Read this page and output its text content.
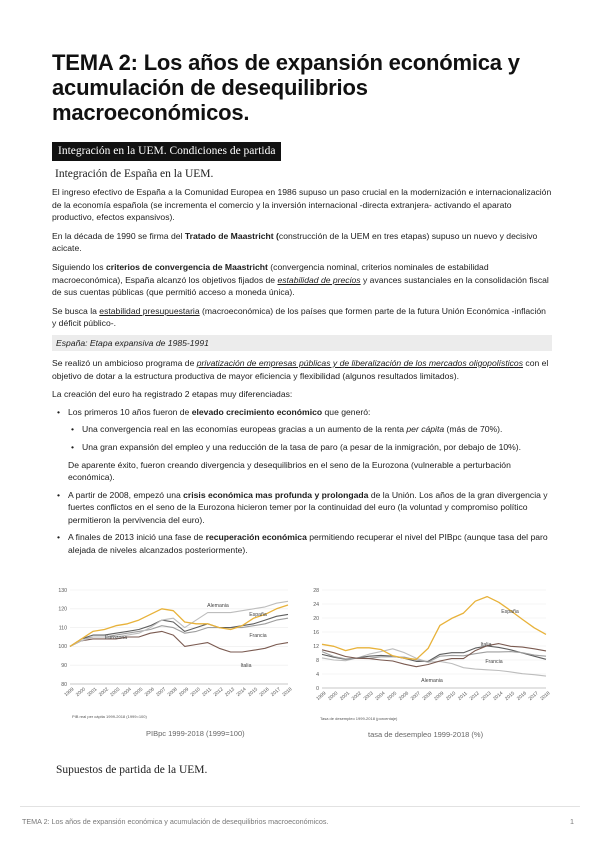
TEMA 2: Los años de expansión económica y acumulación de desequilibrios macroeconómicos.
Integración en la UEM. Condiciones de partida
Integración de España en la UEM.

El ingreso efectivo de España a la Comunidad Europea en 1986 supuso un paso crucial en la modernización e internacionalización de la economía española (se incrementa el comercio y la inversión internacional -directa extranjera- activando el aparato productivo, efectos expansivos).

En la década de 1990 se firma del Tratado de Maastricht (construcción de la UEM en tres etapas) supuso un nuevo y decisivo acicate.

Siguiendo los criterios de convergencia de Maastricht (convergencia nominal, criterios nominales de estabilidad macroeconómica), España alcanzó los objetivos fijados de estabilidad de precios y avances sustanciales en la consolidación fiscal de sus cuentas públicas (que permitió acceso a moneda única).

Se busca la estabilidad presupuestaria (macroeconómica) de los países que formen parte de la futura Unión Económica -inflación y déficit público-.

España: Etapa expansiva de 1985-1991

Se realizó un ambicioso programa de privatización de empresas públicas y de liberalización de los mercados oligopolísticos con el objetivo de dotar a la estructura productiva de mayor eficiencia y flexibilidad (algunos resultados limitados).

La creación del euro ha registrado 2 etapas muy diferenciadas:

• Los primeros 10 años fueron de elevado crecimiento económico que generó:
• Una convergencia real en las economías europeas gracias a un aumento de la renta per cápita (más de 70%).
• Una gran expansión del empleo y una reducción de la tasa de paro (a pesar de la inmigración, por debajo de 10%).
De aparente éxito, fueron creando divergencia y desequilibrios en el seno de la Eurozona (vulnerable a perturbación económica).
• A partir de 2008, empezó una crisis económica mas profunda y prolongada de la Unión. Los años de la gran divergencia y fuertes conflictos en el seno de la Eurozona hicieron temer por la continuidad del euro (la voluntad y compromiso político permitieron la pervivencia del euro).
• A finales de 2013 inició una fase de recuperación económica permitiendo recuperar el nivel del PIBpc (aunque tasa del paro alejada de niveles alcanzados posteriormente).
80
90
100
110
120
130
1999 2000 2001 2002 2003 2004 2005 2006 2007 2008 2009 2010 2011 2012 2013 2014 2015 2016 2017 2018
España
Alemania
Eurozona	Francia
Italia
PIB real per cápita 1999-2018 (1999=100)
0
4
8
12
16
20
24
28
1999 2000 2001 2002 2003 2004 2005 2006 2007 2008 2009 2010 2011 2012 2013 2014 2015 2016 2017 2018
España
Italia
Francia
Alemania
Tasa de desempleo 1999-2018 (porcentaje)
PIBpc 1999-2018 (1999=100)	tasa de desempleo 1999-2018 (%)
Supuestos de partida de la UEM.
TEMA 2: Los años de expansión económica y acumulación de desequilibrios macroeconómicos.	1
